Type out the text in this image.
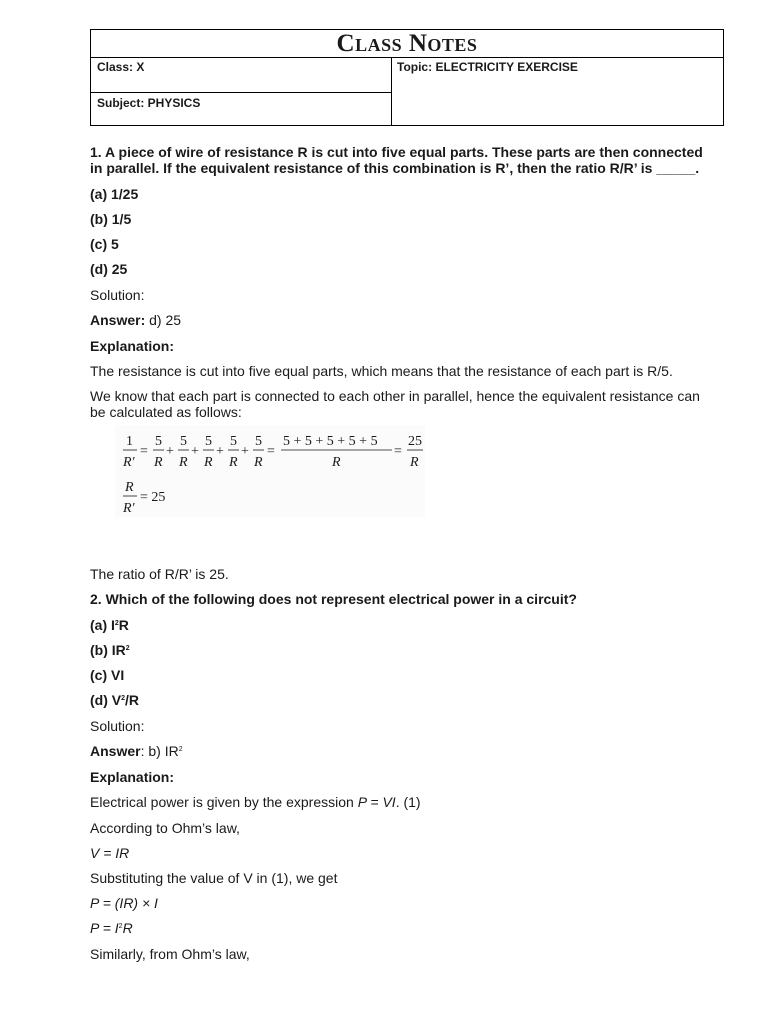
Class Notes
Class: X
Subject: PHYSICS
Topic: ELECTRICITY EXERCISE
1. A piece of wire of resistance R is cut into five equal parts. These parts are then connected
in parallel. If the equivalent resistance of this combination is R’, then the ratio R/R’ is _____.
(a) 1/25
(b) 1/5
(c) 5
(d) 25
Solution:
Answer: d) 25
Explanation:
The resistance is cut into five equal parts, which means that the resistance of each part is R/5.
We know that each part is connected to each other in parallel, hence the equivalent resistance can be calculated as follows:
1
R′
=
5
R
+
5
R
+
5
R
+
5
R
+
5
R
=
5 + 5 + 5 + 5 + 5
R
=
25
R
R
R′
= 25
The ratio of R/R’ is 25.
2. Which of the following does not represent electrical power in a circuit?
(a) $I^2R$
(b) $IR^2$
(c) VI
(d) $V^2/R$
Solution:
Answer: b) $IR^2$
Explanation:
Electrical power is given by the expression P = VI. (1)
According to Ohm’s law,
V = IR
Substituting the value of V in (1), we get
P = (IR) × I
$P = I^2R$
Similarly, from Ohm’s law,
